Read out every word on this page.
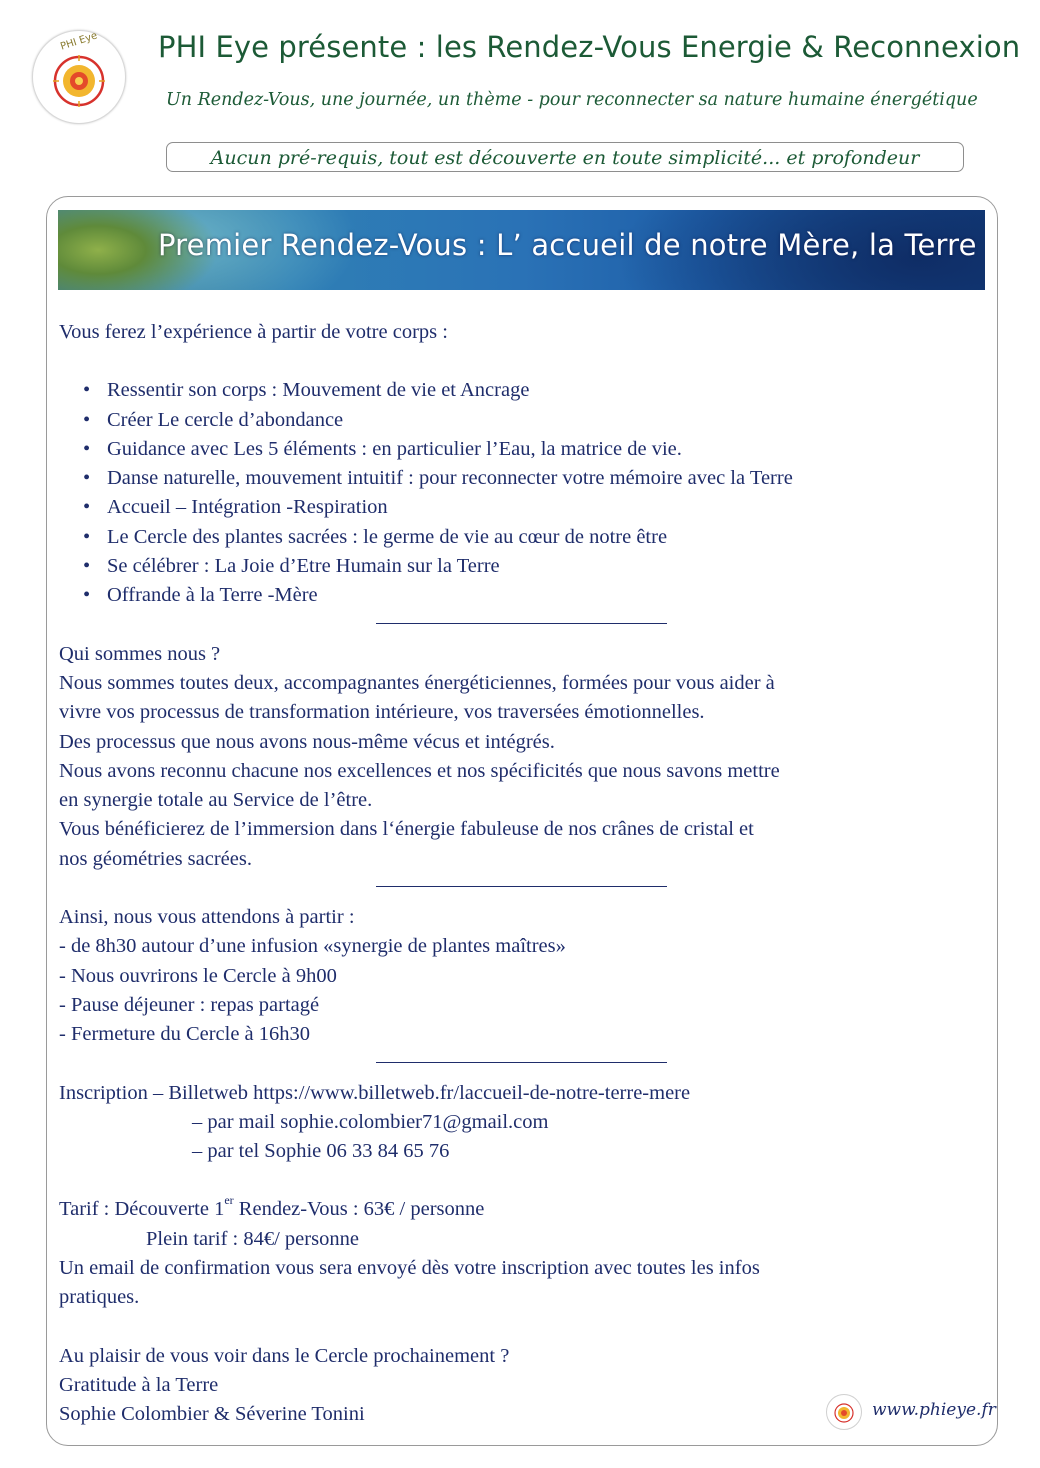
PHI Eye	PHI Eye présente : les Rendez-Vous Energie & Reconnexion
Un Rendez-Vous, une journée, un thème - pour reconnecter sa nature humaine énergétique
Aucun pré-requis, tout est découverte en toute simplicité... et profondeur
Premier Rendez-Vous : L’ accueil de notre Mère, la Terre

Vous ferez l’expérience à partir de votre corps :

• Ressentir son corps : Mouvement de vie et Ancrage
• Créer Le cercle d’abondance
• Guidance avec Les 5 éléments : en particulier l’Eau, la matrice de vie.
• Danse naturelle, mouvement intuitif : pour reconnecter votre mémoire avec la Terre
• Accueil – Intégration -Respiration
• Le Cercle des plantes sacrées : le germe de vie au cœur de notre être
• Se célébrer : La Joie d’Etre Humain sur la Terre
• Offrande à la Terre -Mère

Qui sommes nous ?

Nous sommes toutes deux, accompagnantes énergéticiennes, formées pour vous aider à

vivre vos processus de transformation intérieure, vos traversées émotionnelles.

Des processus que nous avons nous-même vécus et intégrés.

Nous avons reconnu chacune nos excellences et nos spécificités que nous savons mettre

en synergie totale au Service de l’être.

Vous bénéficierez de l’immersion dans l‘énergie fabuleuse de nos crânes de cristal et

nos géométries sacrées.

Ainsi, nous vous attendons à partir :

- de 8h30 autour d’une infusion «synergie de plantes maîtres»

- Nous ouvrirons le Cercle à 9h00

- Pause déjeuner : repas partagé

- Fermeture du Cercle à 16h30

Inscription – Billetweb https://www.billetweb.fr/laccueil-de-notre-terre-mere

– par mail sophie.colombier71@gmail.com

– par tel Sophie 06 33 84 65 76

Tarif : Découverte 1er Rendez-Vous : 63€ / personne

Plein tarif : 84€/ personne

Un email de confirmation vous sera envoyé dès votre inscription avec toutes les infos

pratiques.

Au plaisir de vous voir dans le Cercle prochainement ?

Gratitude à la Terre

Sophie Colombier & Séverine Tonini	www.phieye.fr
